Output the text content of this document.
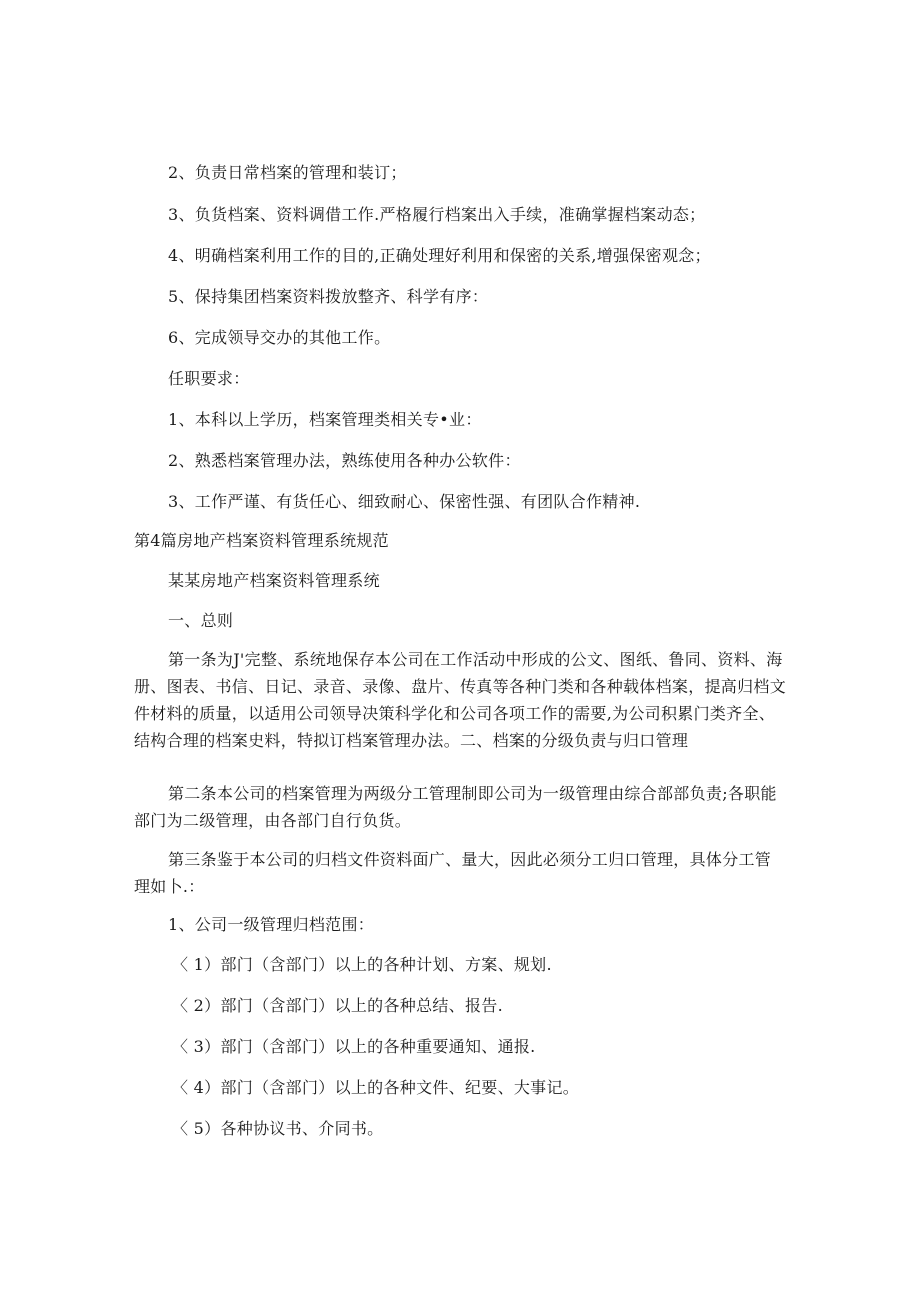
2、负责日常档案的管理和装订；
3、负货档案、资料调借工作.严格履行档案出入手续，准确掌握档案动态；
4、明确档案利用工作的目的,正确处理好利用和保密的关系,增强保密观念；
5、保持集团档案资料拨放整齐、科学有序：
6、完成领导交办的其他工作。
任职要求：
1、本科以上学历，档案管理类相关专•业：
2、熟悉档案管理办法，熟练使用各种办公软件：
3、工作严谨、有货任心、细致耐心、保密性强、有团队合作精神.
第4篇房地产档案资料管理系统规范
某某房地产档案资料管理系统
一、总则
第一条为J'完整、系统地保存本公司在工作活动中形成的公文、图纸、鲁同、资料、海册、图表、书信、日记、录音、录像、盘片、传真等各种门类和各种载体档案，提高归档文件材料的质量，以适用公司领导决策科学化和公司各项工作的需要,为公司积累门类齐全、结构合理的档案史料，特拟订档案管理办法。二、档案的分级负责与归口管理
第二条本公司的档案管理为两级分工管理制即公司为一级管理由综合部部负责;各职能部门为二级管理，由各部门自行负货。
第三条鉴于本公司的归档文件资料面广、量大，因此必须分工归口管理，具体分工管理如卜.：
1、公司一级管理归档范围：
〈 1）部门（含部门）以上的各种计划、方案、规划.
〈 2）部门（含部门）以上的各种总结、报告.
〈 3）部门（含部门）以上的各种重要通知、通报.
〈 4）部门（含部门）以上的各种文件、纪要、大事记。
〈 5）各种协议书、介同书。
